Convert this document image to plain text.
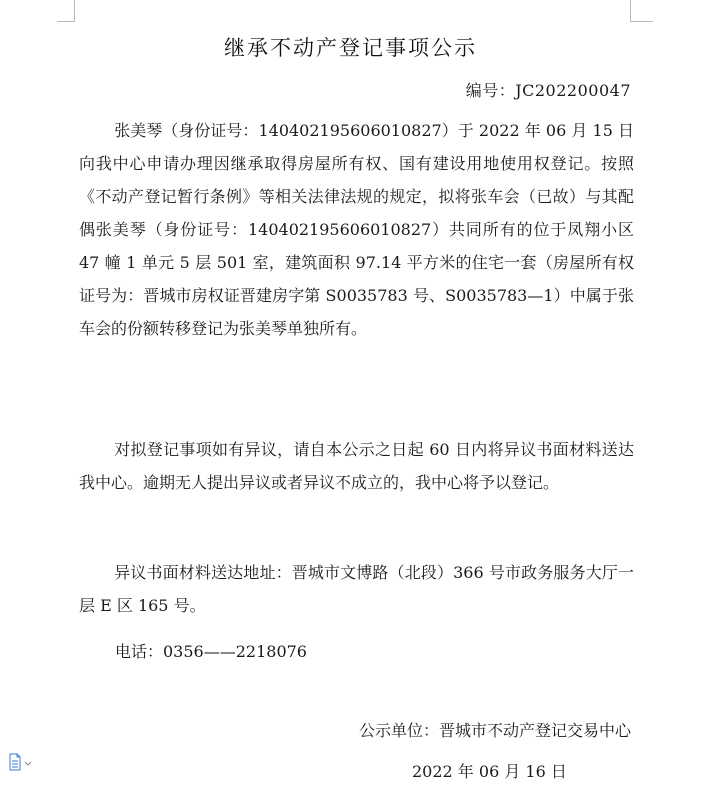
继承不动产登记事项公示
编号：JC202200047

张美琴（身份证号：140402195606010827）于 2022 年 06 月 15 日向我中心申请办理因继承取得房屋所有权、国有建设用地使用权登记。按照《不动产登记暂行条例》等相关法律法规的规定，拟将张车会（已故）与其配偶张美琴（身份证号：140402195606010827）共同所有的位于凤翔小区 47 幢 1 单元 5 层 501 室，建筑面积 97.14 平方米的住宅一套（房屋所有权证号为：晋城市房权证晋建房字第 S0035783 号、S0035783—1）中属于张车会的份额转移登记为张美琴单独所有。

对拟登记事项如有异议，请自本公示之日起 60 日内将异议书面材料送达我中心。逾期无人提出异议或者异议不成立的，我中心将予以登记。

异议书面材料送达地址：晋城市文博路（北段）366 号市政务服务大厅一层 E 区 165 号。

电话：0356——2218076
公示单位：晋城市不动产登记交易中心
2022 年 06 月 16 日
